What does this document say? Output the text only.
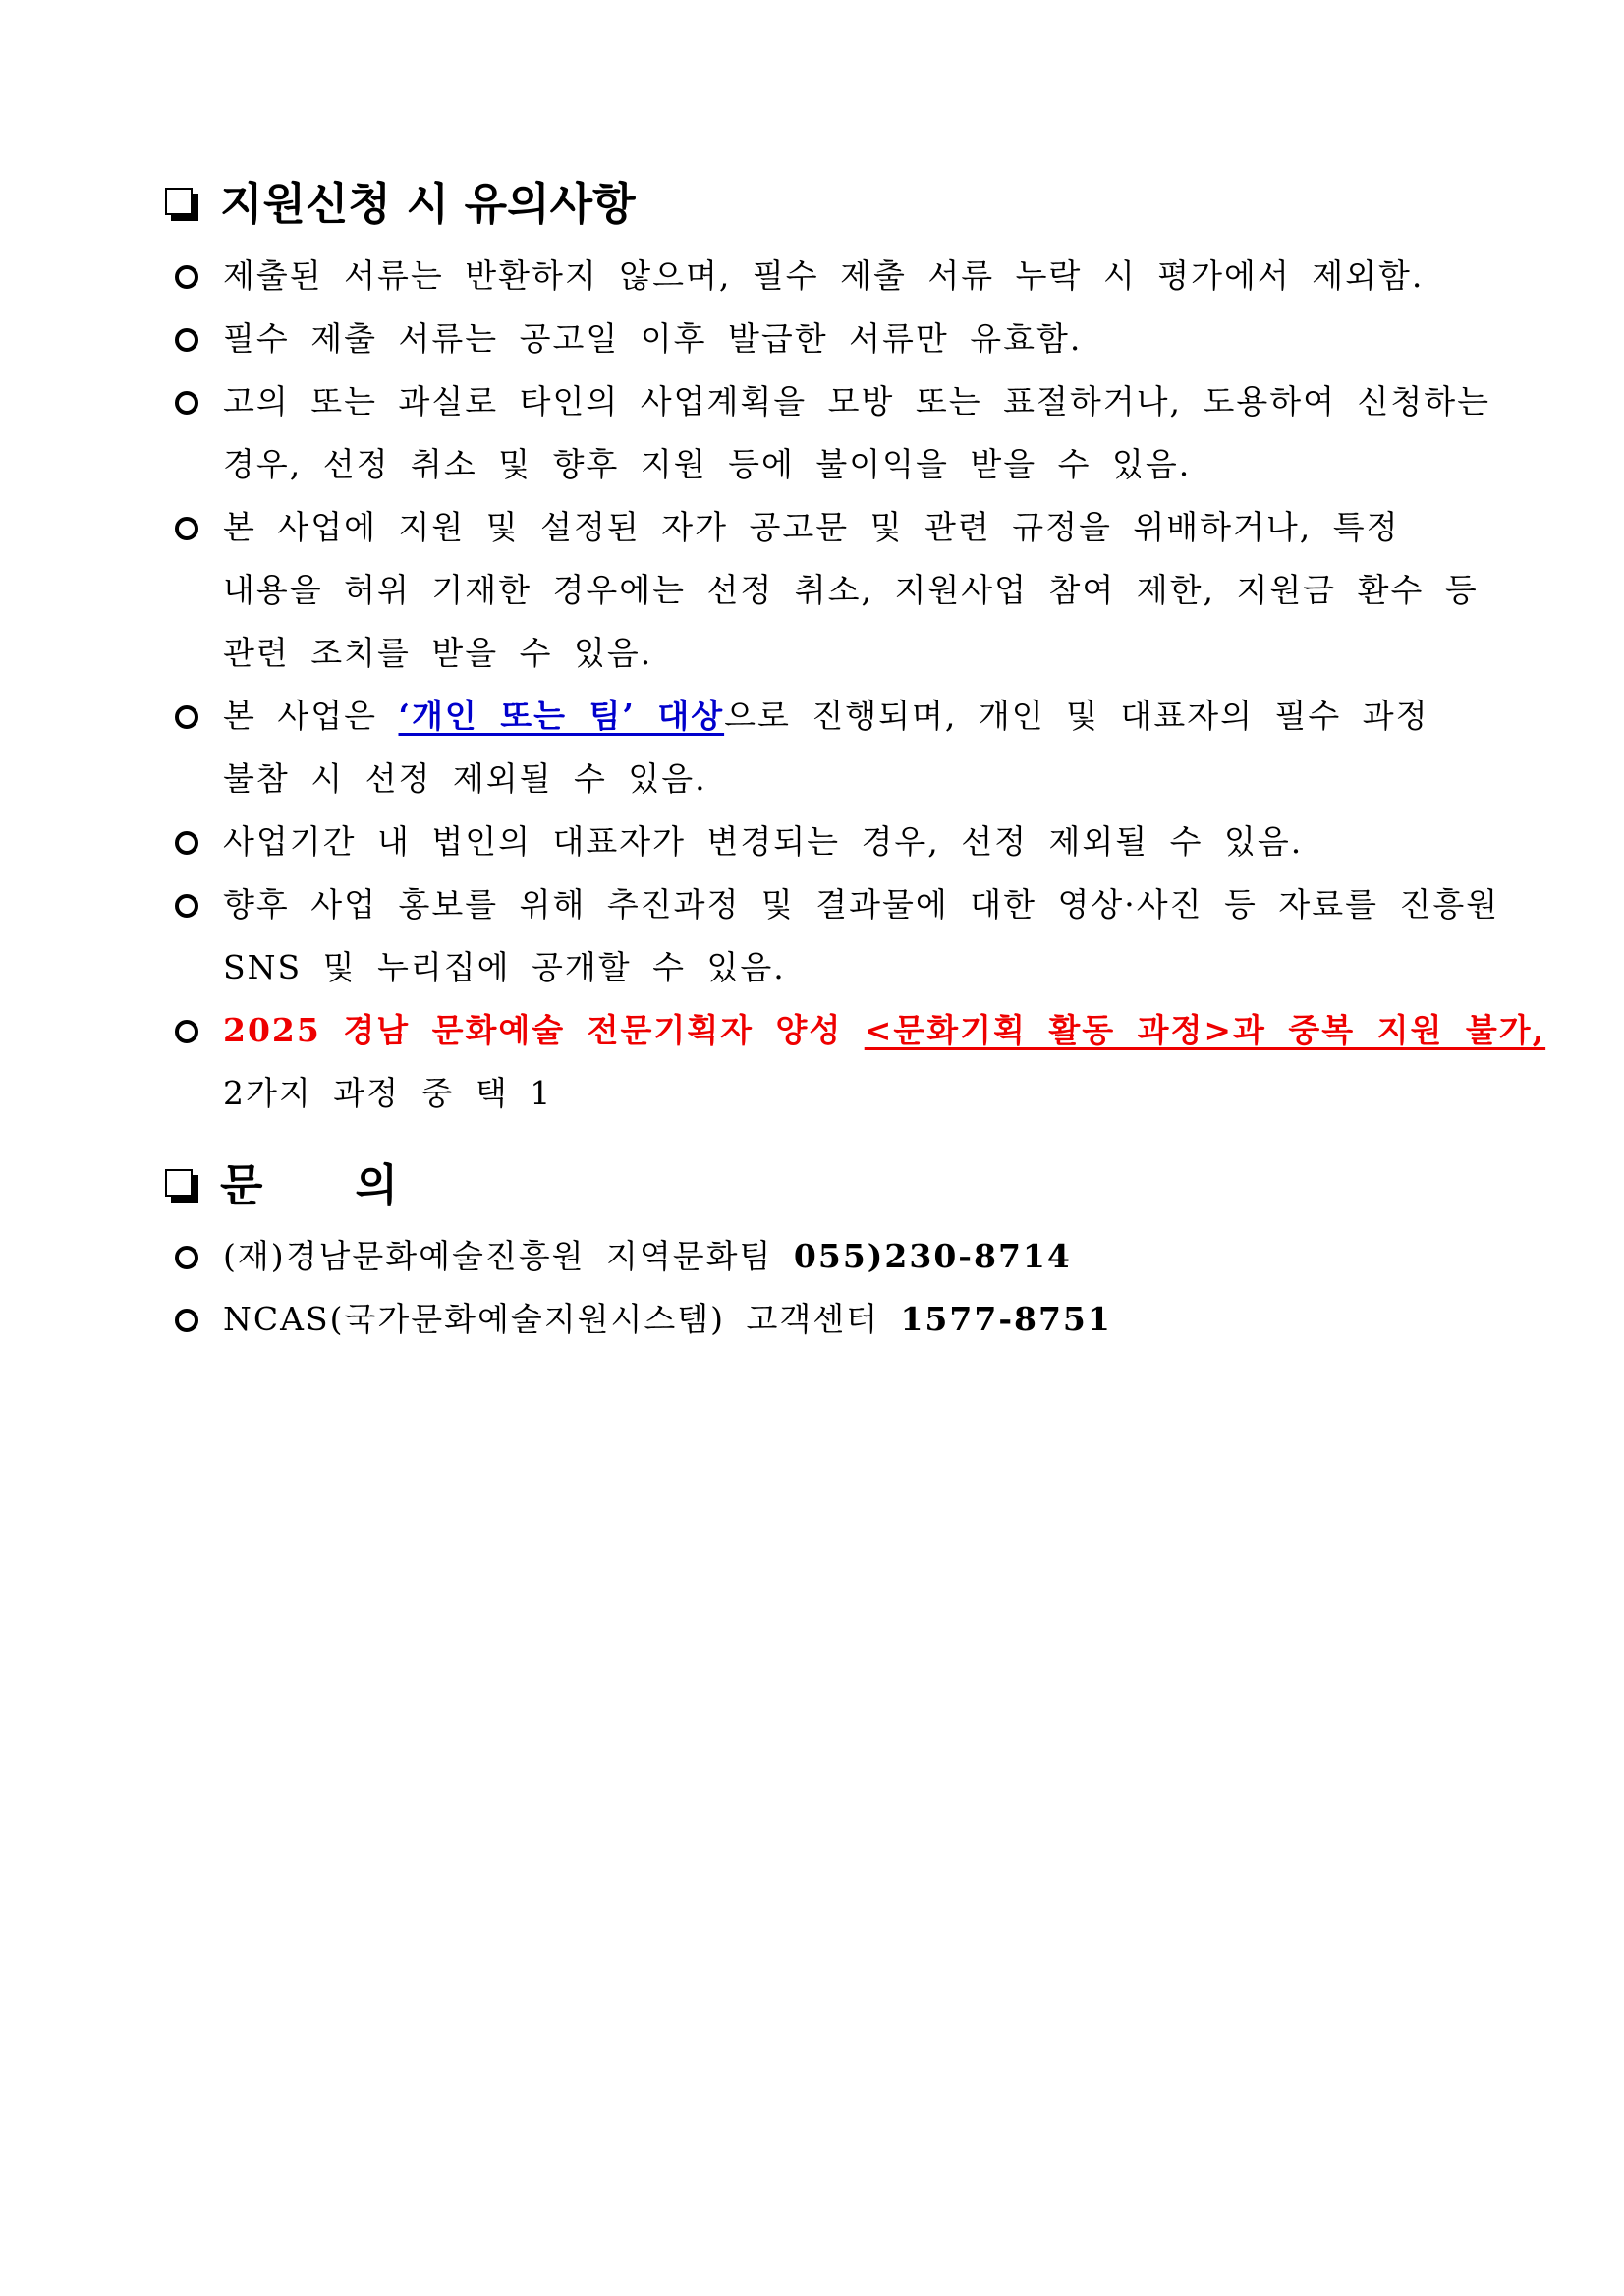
지원신청 시 유의사항
제출된 서류는 반환하지 않으며, 필수 제출 서류 누락 시 평가에서 제외함.
필수 제출 서류는 공고일 이후 발급한 서류만 유효함.
고의 또는 과실로 타인의 사업계획을 모방 또는 표절하거나, 도용하여 신청하는
경우, 선정 취소 및 향후 지원 등에 불이익을 받을 수 있음.
본 사업에 지원 및 설정된 자가 공고문 및 관련 규정을 위배하거나, 특정
내용을 허위 기재한 경우에는 선정 취소, 지원사업 참여 제한, 지원금 환수 등
관련 조치를 받을 수 있음.
본 사업은 ‘개인 또는 팀’ 대상으로 진행되며, 개인 및 대표자의 필수 과정
불참 시 선정 제외될 수 있음.
사업기간 내 법인의 대표자가 변경되는 경우, 선정 제외될 수 있음.
향후 사업 홍보를 위해 추진과정 및 결과물에 대한 영상·사진 등 자료를 진흥원
SNS 및 누리집에 공개할 수 있음.
2025 경남 문화예술 전문기획자 양성 <문화기획 활동 과정>과 중복 지원 불가,
2가지 과정 중 택 1
문      의
(재)경남문화예술진흥원 지역문화팀 055)230-8714
NCAS(국가문화예술지원시스템) 고객센터 1577-8751
